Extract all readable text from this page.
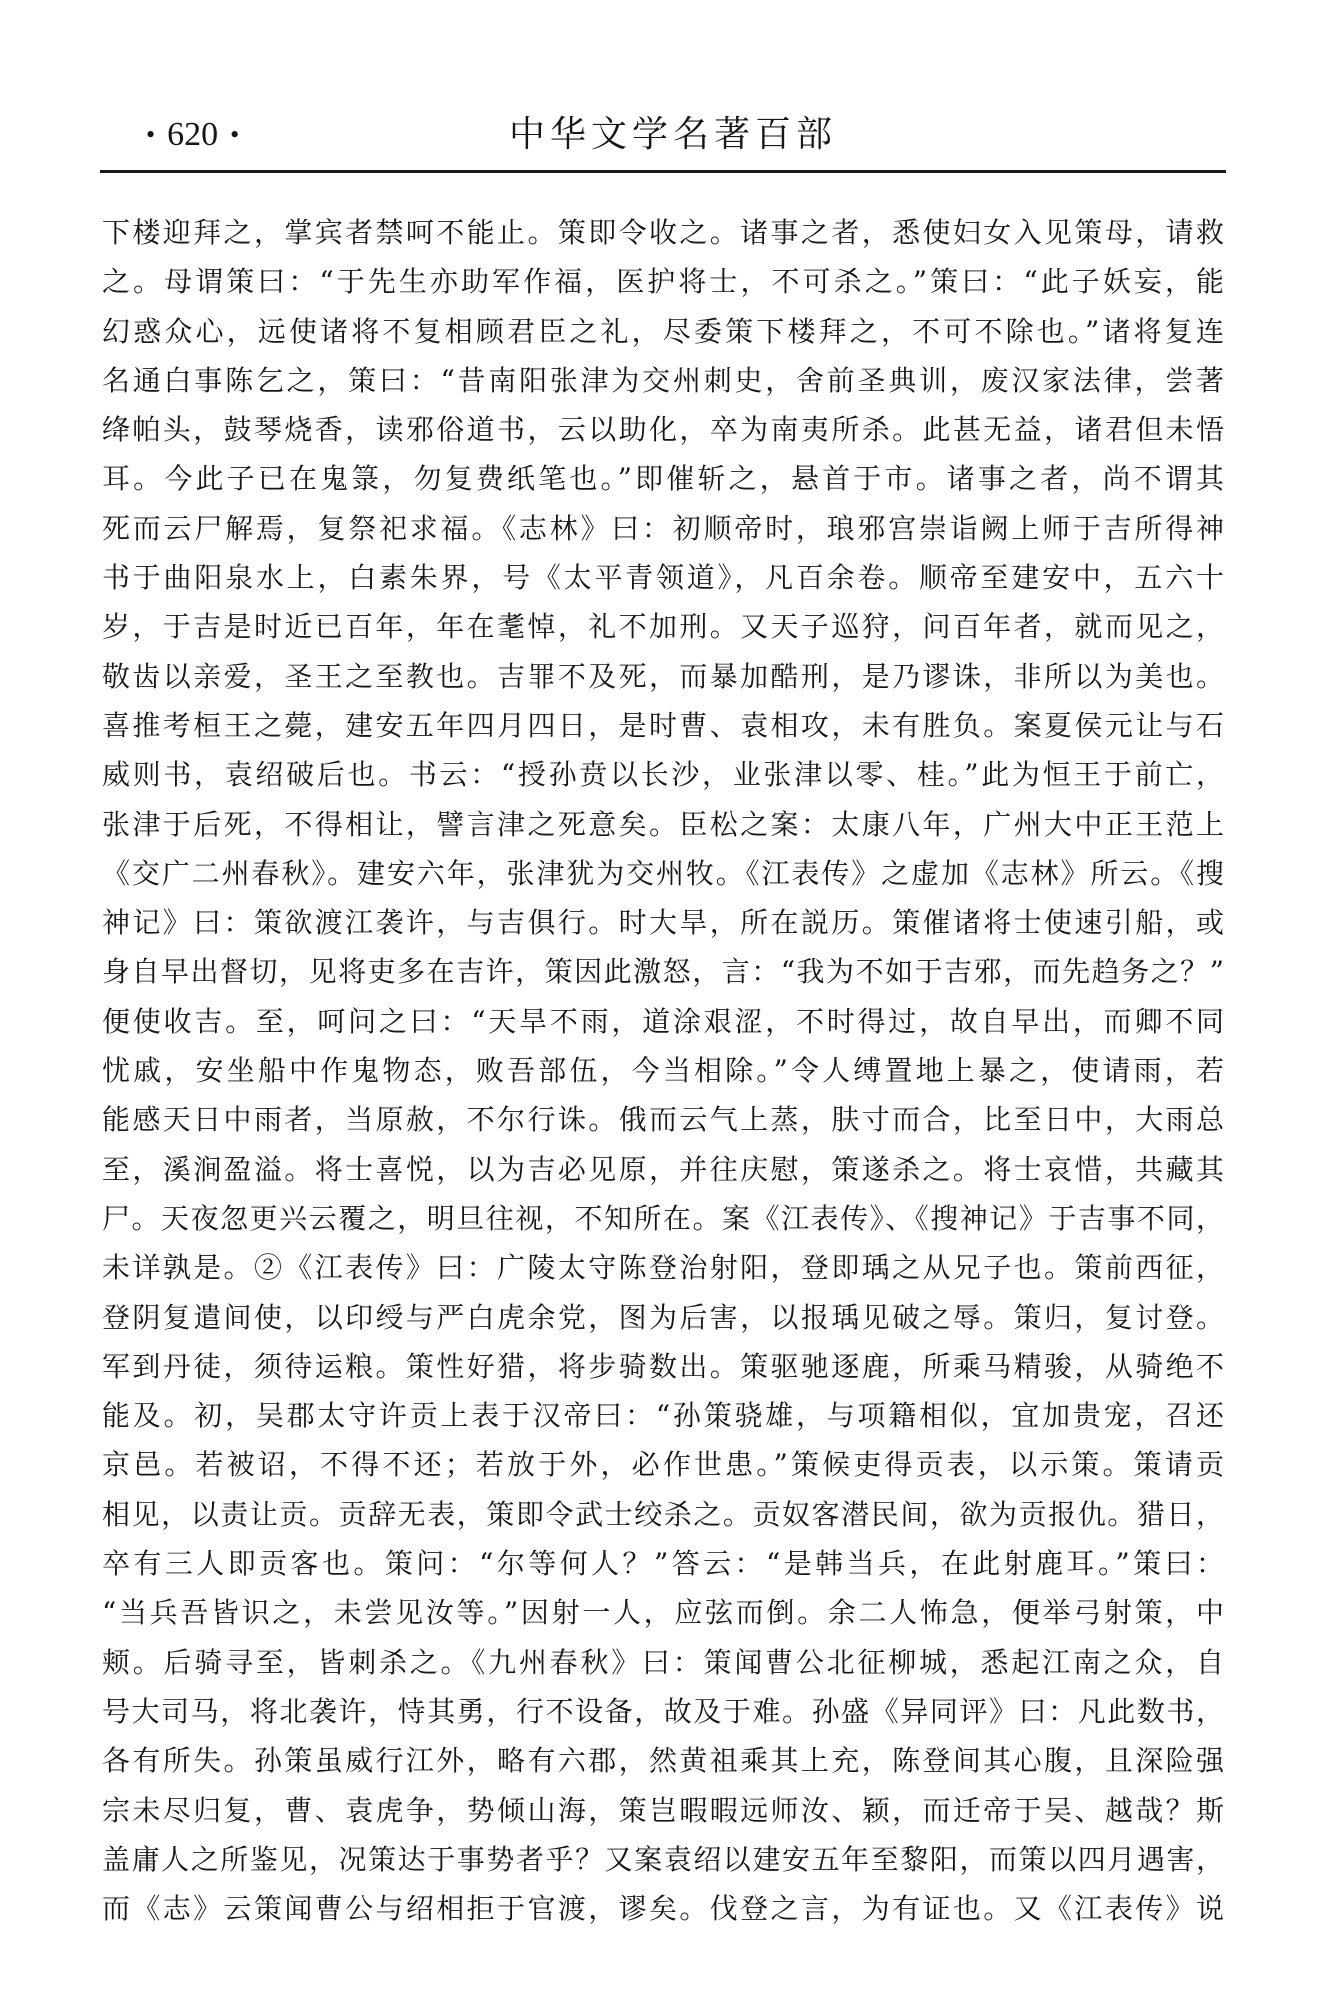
• 620 •	中华文学名著百部
下楼迎拜之，掌宾者禁呵不能止。策即令收之。诸事之者，悉使妇女入见策母，请救
之。母谓策曰：“于先生亦助军作福，医护将士，不可杀之。”策曰：“此子妖妄，能
幻惑众心，远使诸将不复相顾君臣之礼，尽委策下楼拜之，不可不除也。”诸将复连
名通白事陈乞之，策曰：“昔南阳张津为交州刺史，舍前圣典训，废汉家法律，尝著
绛帕头，鼓琴烧香，读邪俗道书，云以助化，卒为南夷所杀。此甚无益，诸君但未悟
耳。今此子已在鬼箓，勿复费纸笔也。”即催斩之，悬首于市。诸事之者，尚不谓其
死而云尸解焉，复祭祀求福。《志林》曰：初顺帝时，琅邪宫崇诣阙上师于吉所得神
书于曲阳泉水上，白素朱界，号《太平青领道》，凡百余卷。顺帝至建安中，五六十
岁，于吉是时近已百年，年在耄悼，礼不加刑。又天子巡狩，问百年者，就而见之，
敬齿以亲爱，圣王之至教也。吉罪不及死，而暴加酷刑，是乃谬诛，非所以为美也。
喜推考桓王之薨，建安五年四月四日，是时曹、袁相攻，未有胜负。案夏侯元让与石
威则书，袁绍破后也。书云：“授孙贲以长沙，业张津以零、桂。”此为恒王于前亡，
张津于后死，不得相让，譬言津之死意矣。臣松之案：太康八年，广州大中正王范上
《交广二州春秋》。建安六年，张津犹为交州牧。《江表传》之虚加《志林》所云。《搜
神记》曰：策欲渡江袭许，与吉俱行。时大旱，所在説历。策催诸将士使速引船，或
身自早出督切，见将吏多在吉许，策因此激怒，言：“我为不如于吉邪，而先趋务之？”
便使收吉。至，呵问之曰：“天旱不雨，道涂艰涩，不时得过，故自早出，而卿不同
忧戚，安坐船中作鬼物态，败吾部伍，今当相除。”令人缚置地上暴之，使请雨，若
能感天日中雨者，当原赦，不尔行诛。俄而云气上蒸，肤寸而合，比至日中，大雨总
至，溪涧盈溢。将士喜悦，以为吉必见原，并往庆慰，策遂杀之。将士哀惜，共藏其
尸。天夜忽更兴云覆之，明旦往视，不知所在。案《江表传》、《搜神记》于吉事不同，
未详孰是。②《江表传》曰：广陵太守陈登治射阳，登即瑀之从兄子也。策前西征，
登阴复遣间使，以印绶与严白虎余党，图为后害，以报瑀见破之辱。策归，复讨登。
军到丹徒，须待运粮。策性好猎，将步骑数出。策驱驰逐鹿，所乘马精骏，从骑绝不
能及。初，吴郡太守许贡上表于汉帝曰：“孙策骁雄，与项籍相似，宜加贵宠，召还
京邑。若被诏，不得不还；若放于外，必作世患。”策候吏得贡表，以示策。策请贡
相见，以责让贡。贡辞无表，策即令武士绞杀之。贡奴客潜民间，欲为贡报仇。猎日，
卒有三人即贡客也。策问：“尔等何人？”答云：“是韩当兵，在此射鹿耳。”策曰：
“当兵吾皆识之，未尝见汝等。”因射一人，应弦而倒。余二人怖急，便举弓射策，中
颊。后骑寻至，皆刺杀之。《九州春秋》曰：策闻曹公北征柳城，悉起江南之众，自
号大司马，将北袭许，恃其勇，行不设备，故及于难。孙盛《异同评》曰：凡此数书，
各有所失。孙策虽威行江外，略有六郡，然黄祖乘其上充，陈登间其心腹，且深险强
宗未尽归复，曹、袁虎争，势倾山海，策岂暇暇远师汝、颖，而迁帝于吴、越哉？斯
盖庸人之所鉴见，况策达于事势者乎？又案袁绍以建安五年至黎阳，而策以四月遇害，
而《志》云策闻曹公与绍相拒于官渡，谬矣。伐登之言，为有证也。又《江表传》说
